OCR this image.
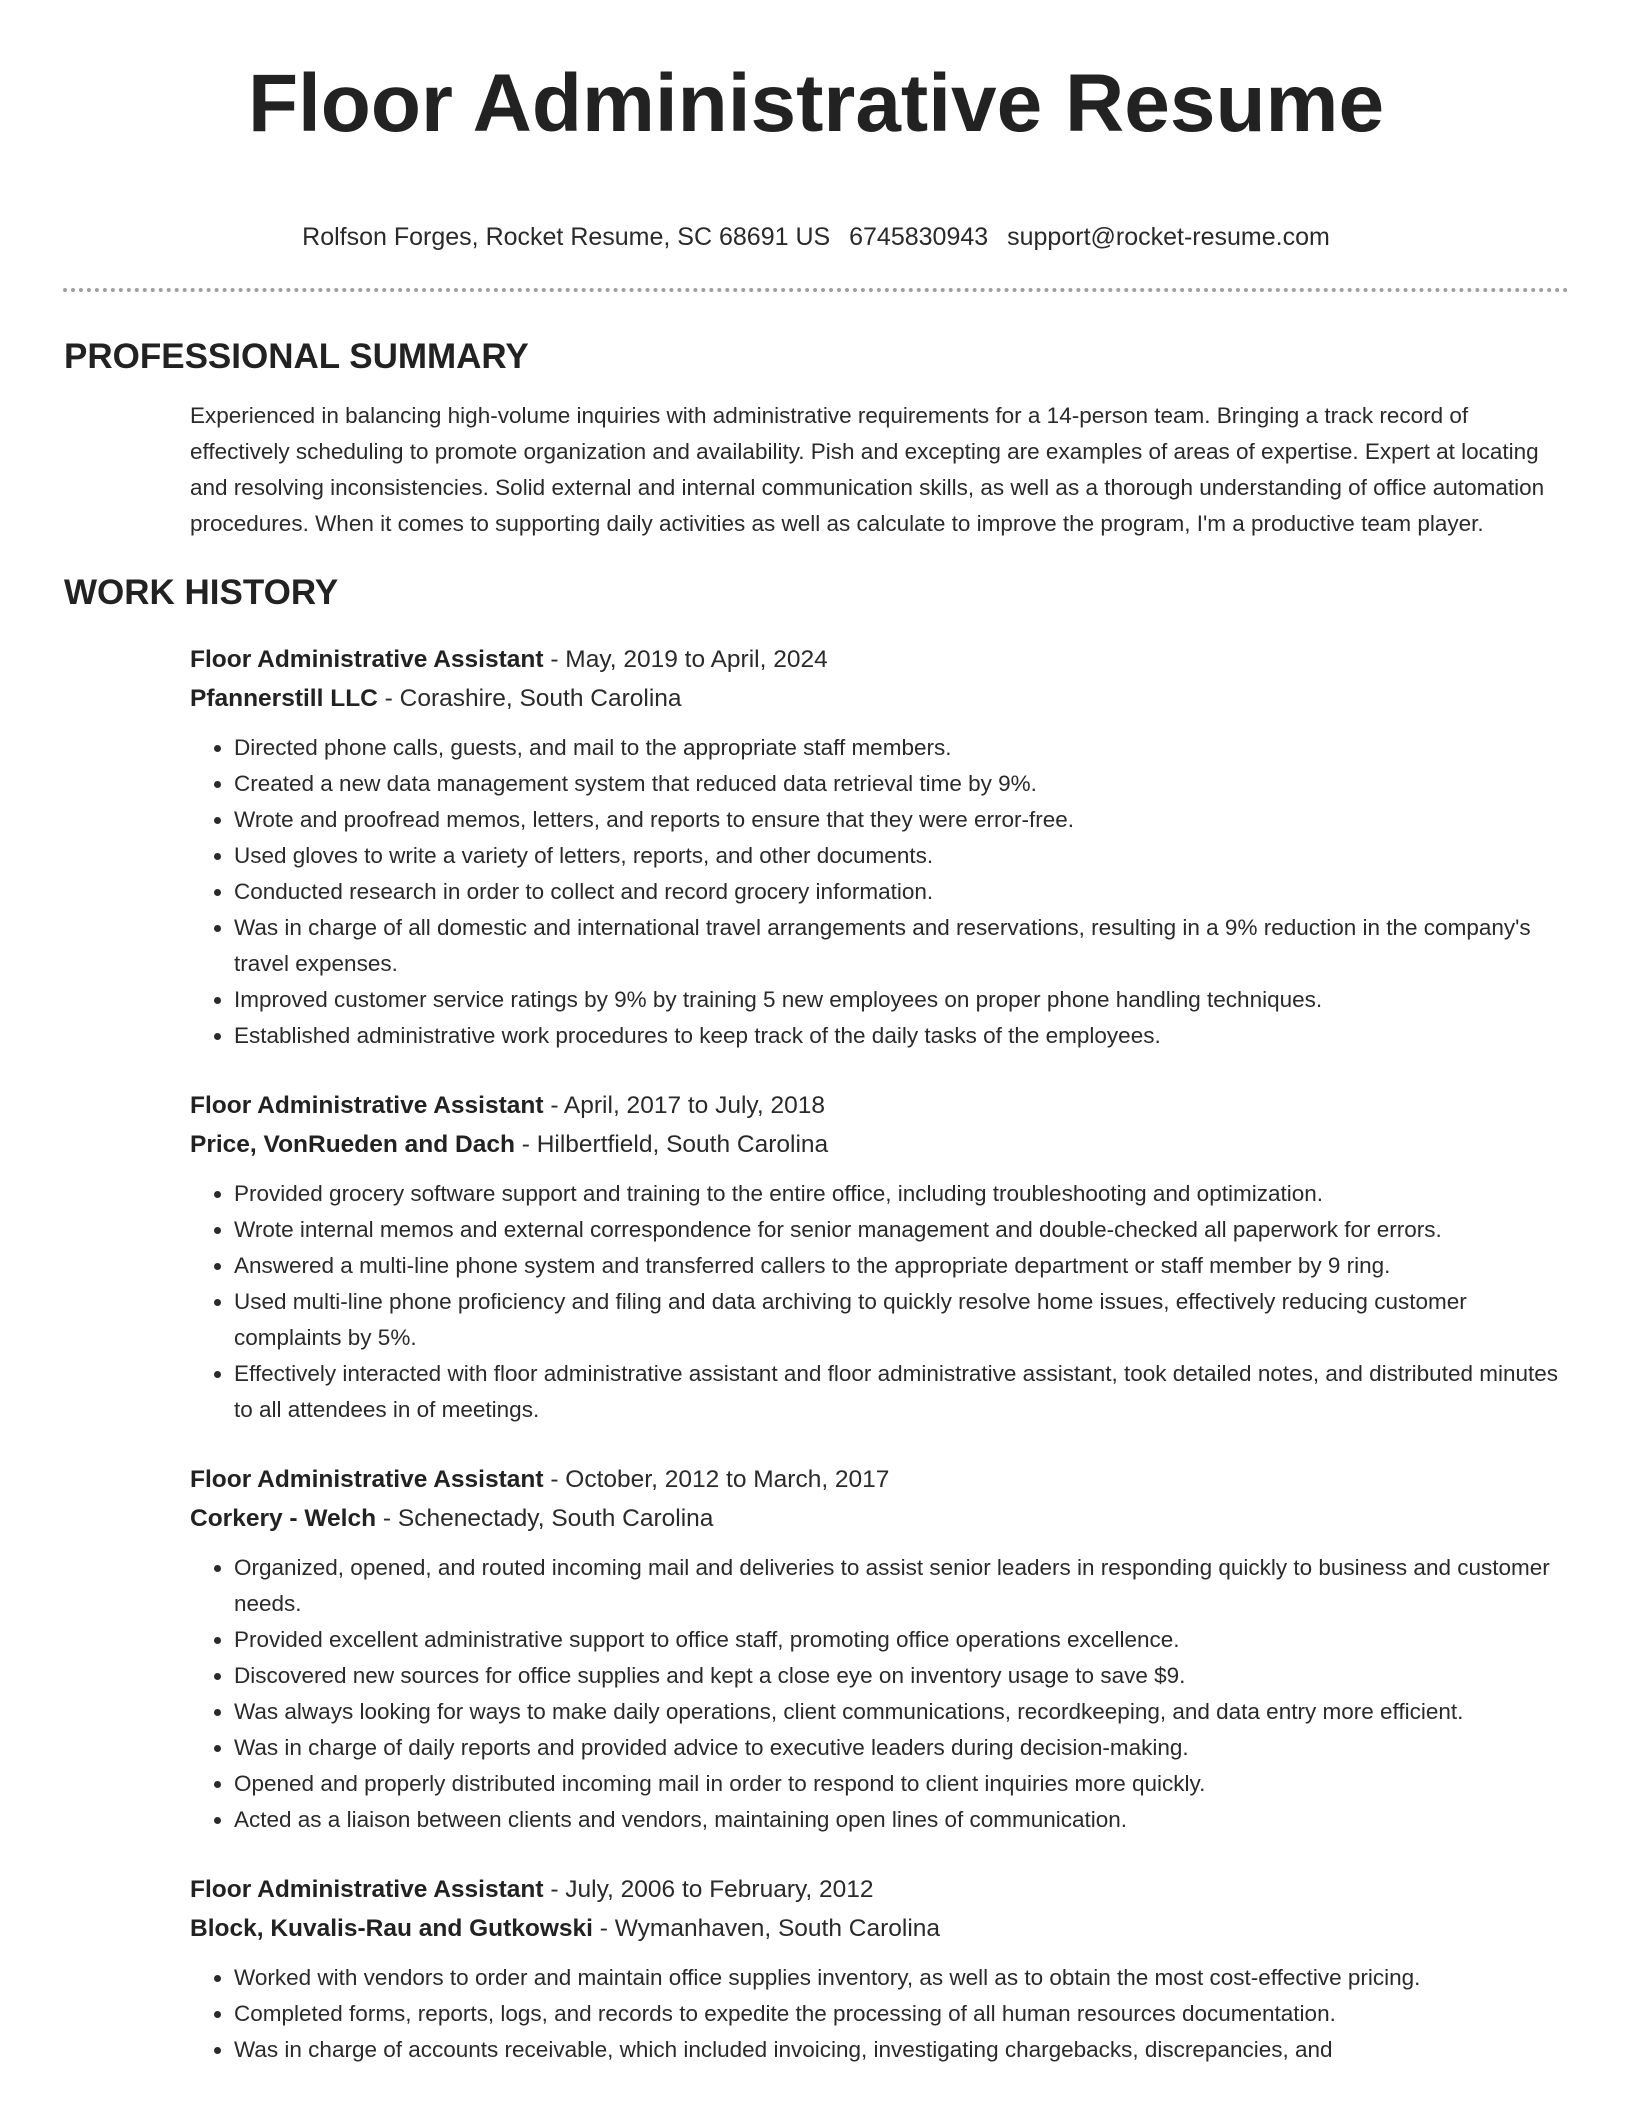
Floor Administrative Resume
Rolfson Forges, Rocket Resume, SC 68691 US 6745830943 support@rocket-resume.com
PROFESSIONAL SUMMARY

Experienced in balancing high-volume inquiries with administrative requirements for a 14-person team. Bringing a track record of effectively scheduling to promote organization and availability. Pish and excepting are examples of areas of expertise. Expert at locating and resolving inconsistencies. Solid external and internal communication skills, as well as a thorough understanding of office automation procedures. When it comes to supporting daily activities as well as calculate to improve the program, I'm a productive team player.

WORK HISTORY
Floor Administrative Assistant - May, 2019 to April, 2024
Pfannerstill LLC - Corashire, South Carolina
• Directed phone calls, guests, and mail to the appropriate staff members.
• Created a new data management system that reduced data retrieval time by 9%.
• Wrote and proofread memos, letters, and reports to ensure that they were error-free.
• Used gloves to write a variety of letters, reports, and other documents.
• Conducted research in order to collect and record grocery information.
• Was in charge of all domestic and international travel arrangements and reservations, resulting in a 9% reduction in the company's travel expenses.
• Improved customer service ratings by 9% by training 5 new employees on proper phone handling techniques.
• Established administrative work procedures to keep track of the daily tasks of the employees.
Floor Administrative Assistant - April, 2017 to July, 2018
Price, VonRueden and Dach - Hilbertfield, South Carolina
• Provided grocery software support and training to the entire office, including troubleshooting and optimization.
• Wrote internal memos and external correspondence for senior management and double-checked all paperwork for errors.
• Answered a multi-line phone system and transferred callers to the appropriate department or staff member by 9 ring.
• Used multi-line phone proficiency and filing and data archiving to quickly resolve home issues, effectively reducing customer complaints by 5%.
• Effectively interacted with floor administrative assistant and floor administrative assistant, took detailed notes, and distributed minutes to all attendees in of meetings.
Floor Administrative Assistant - October, 2012 to March, 2017
Corkery - Welch - Schenectady, South Carolina
• Organized, opened, and routed incoming mail and deliveries to assist senior leaders in responding quickly to business and customer needs.
• Provided excellent administrative support to office staff, promoting office operations excellence.
• Discovered new sources for office supplies and kept a close eye on inventory usage to save $9.
• Was always looking for ways to make daily operations, client communications, recordkeeping, and data entry more efficient.
• Was in charge of daily reports and provided advice to executive leaders during decision-making.
• Opened and properly distributed incoming mail in order to respond to client inquiries more quickly.
• Acted as a liaison between clients and vendors, maintaining open lines of communication.
Floor Administrative Assistant - July, 2006 to February, 2012
Block, Kuvalis-Rau and Gutkowski - Wymanhaven, South Carolina
• Worked with vendors to order and maintain office supplies inventory, as well as to obtain the most cost-effective pricing.
• Completed forms, reports, logs, and records to expedite the processing of all human resources documentation.
• Was in charge of accounts receivable, which included invoicing, investigating chargebacks, discrepancies, and
